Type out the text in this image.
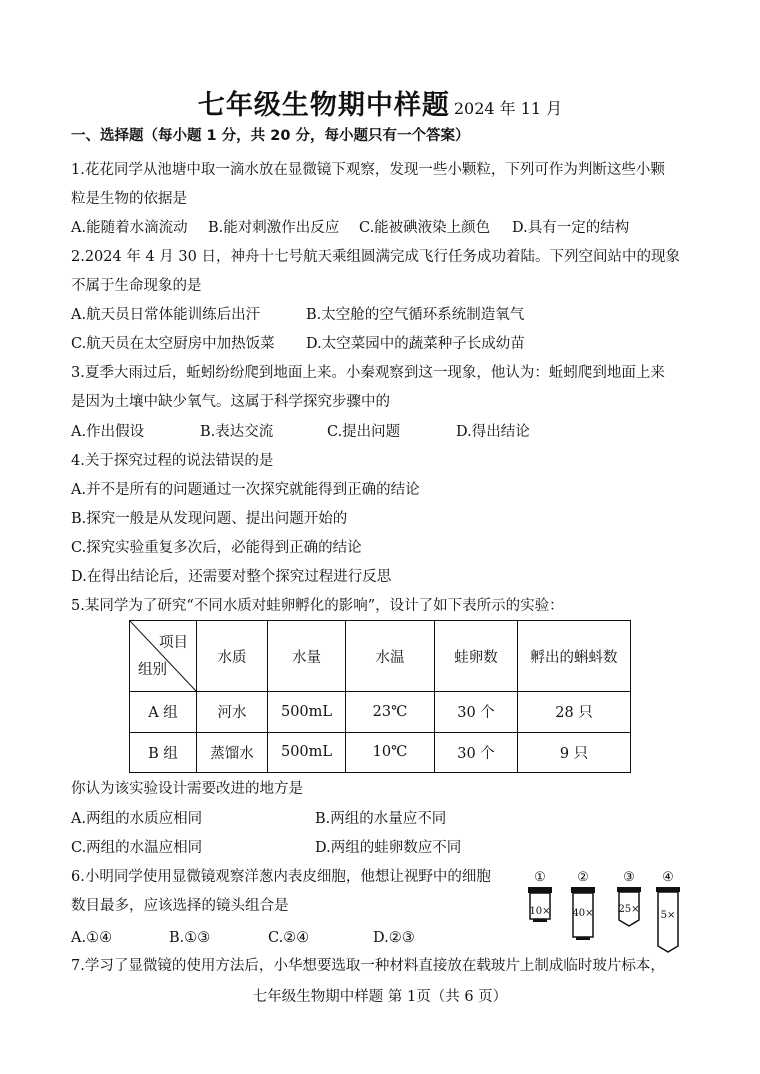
七年级生物期中样题 2024 年 11 月
一、选择题（每小题 1 分，共 20 分，每小题只有一个答案）
1.花花同学从池塘中取一滴水放在显微镜下观察，发现一些小颗粒，下列可作为判断这些小颗
粒是生物的依据是
A.能随着水滴流动 B.能对刺激作出反应 C.能被碘液染上颜色 D.具有一定的结构
2.2024 年 4 月 30 日，神舟十七号航天乘组圆满完成飞行任务成功着陆。下列空间站中的现象
不属于生命现象的是
A.航天员日常体能训练后出汗	B.太空舱的空气循环系统制造氧气
C.航天员在太空厨房中加热饭菜 D.太空菜园中的蔬菜种子长成幼苗
3.夏季大雨过后，蚯蚓纷纷爬到地面上来。小秦观察到这一现象，他认为：蚯蚓爬到地面上来
是因为土壤中缺少氧气。这属于科学探究步骤中的
A.作出假设	B.表达交流	C.提出问题	D.得出结论
4.关于探究过程的说法错误的是
A.并不是所有的问题通过一次探究就能得到正确的结论
B.探究一般是从发现问题、提出问题开始的
C.探究实验重复多次后，必能得到正确的结论
D.在得出结论后，还需要对整个探究过程进行反思
5.某同学为了研究“不同水质对蛙卵孵化的影响”，设计了如下表所示的实验：
项目
组别	水质	水量	水温	蛙卵数	孵出的蝌蚪数
A 组	河水	500mL	23℃	30 个	28 只
B 组	蒸馏水	500mL	10℃	30 个	9 只
你认为该实验设计需要改进的地方是
A.两组的水质应相同	B.两组的水量应不同
C.两组的水温应相同	D.两组的蛙卵数应不同
6.小明同学使用显微镜观察洋葱内表皮细胞，他想让视野中的细胞
数目最多，应该选择的镜头组合是
A.①④	B.①③	C.②④	D.②③
①
10×
②
40×
③
25×
④
5×
7.学习了显微镜的使用方法后，小华想要选取一种材料直接放在载玻片上制成临时玻片标本，
七年级生物期中样题 第 1页（共 6 页）
